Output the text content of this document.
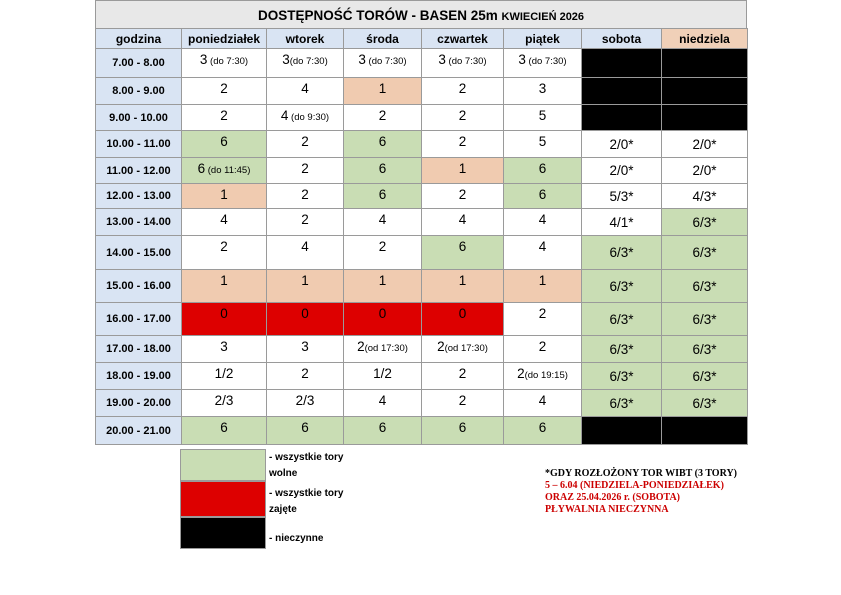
DOSTĘPNOŚĆ TORÓW - BASEN 25m KWIECIEŃ 2026
godzina	poniedziałek	wtorek	środa	czwartek	piątek	sobota	niedziela
7.00 - 8.00	3 (do 7:30)	3(do 7:30)	3 (do 7:30)	3 (do 7:30)	3 (do 7:30)		
8.00 - 9.00	2	4	1	2	3		
9.00 - 10.00	2	4 (do 9:30)	2	2	5		
10.00 - 11.00	6	2	6	2	5	2/0*	2/0*
11.00 - 12.00	6 (do 11:45)	2	6	1	6	2/0*	2/0*
12.00 - 13.00	1	2	6	2	6	5/3*	4/3*
13.00 - 14.00	4	2	4	4	4	4/1*	6/3*
14.00 - 15.00	2	4	2	6	4	6/3*	6/3*
15.00 - 16.00	1	1	1	1	1	6/3*	6/3*
16.00 - 17.00	0	0	0	0	2	6/3*	6/3*
17.00 - 18.00	3	3	2(od 17:30)	2(od 17:30)	2	6/3*	6/3*
18.00 - 19.00	1/2	2	1/2	2	2(do 19:15)	6/3*	6/3*
19.00 - 20.00	2/3	2/3	4	2	4	6/3*	6/3*
20.00 - 21.00	6	6	6	6	6		
- wszystkie tory
wolne
- wszystkie tory
zajęte
- nieczynne
*GDY ROZŁOŻONY TOR WIBT (3 TORY)
5 – 6.04 (NIEDZIELA-PONIEDZIAŁEK)
ORAZ 25.04.2026 r. (SOBOTA)
PŁYWALNIA NIECZYNNA
